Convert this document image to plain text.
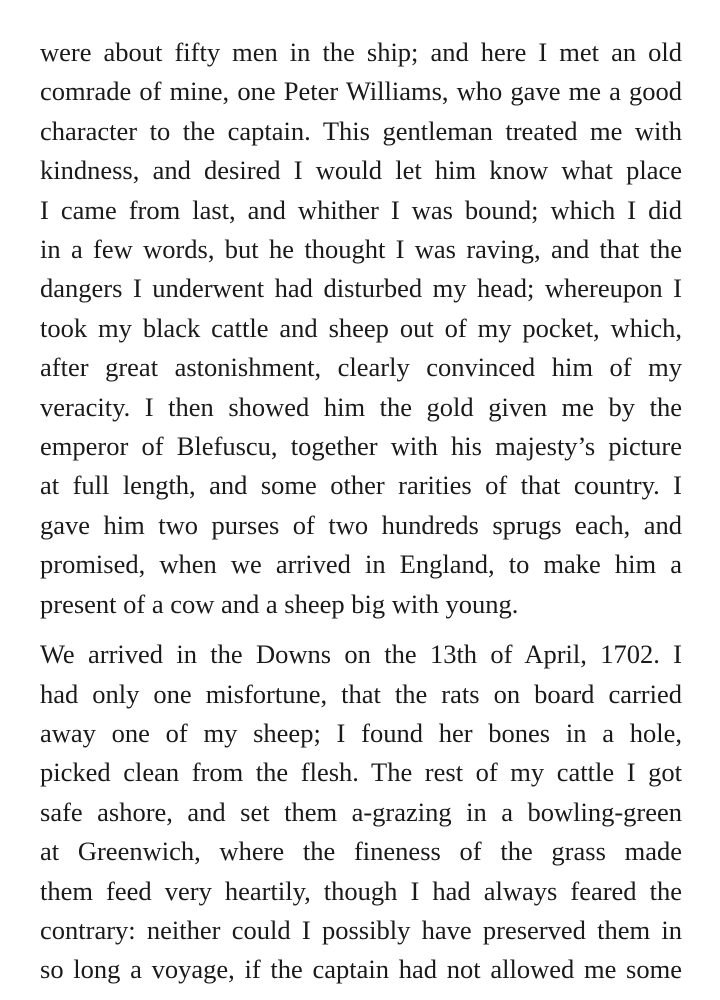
were about fifty men in the ship; and here I met an old
comrade of mine, one Peter Williams, who gave me a good
character to the captain. This gentleman treated me with
kindness, and desired I would let him know what place
I came from last, and whither I was bound; which I did
in a few words, but he thought I was raving, and that the
dangers I underwent had disturbed my head; whereupon I
took my black cattle and sheep out of my pocket, which,
after great astonishment, clearly convinced him of my
veracity. I then showed him the gold given me by the
emperor of Blefuscu, together with his majesty’s picture
at full length, and some other rarities of that country. I
gave him two purses of two hundreds sprugs each, and
promised, when we arrived in England, to make him a
present of a cow and a sheep big with young.
We arrived in the Downs on the 13th of April, 1702. I
had only one misfortune, that the rats on board carried
away one of my sheep; I found her bones in a hole,
picked clean from the flesh. The rest of my cattle I got
safe ashore, and set them a-grazing in a bowling-green
at Greenwich, where the fineness of the grass made
them feed very heartily, though I had always feared the
contrary: neither could I possibly have preserved them in
so long a voyage, if the captain had not allowed me some
